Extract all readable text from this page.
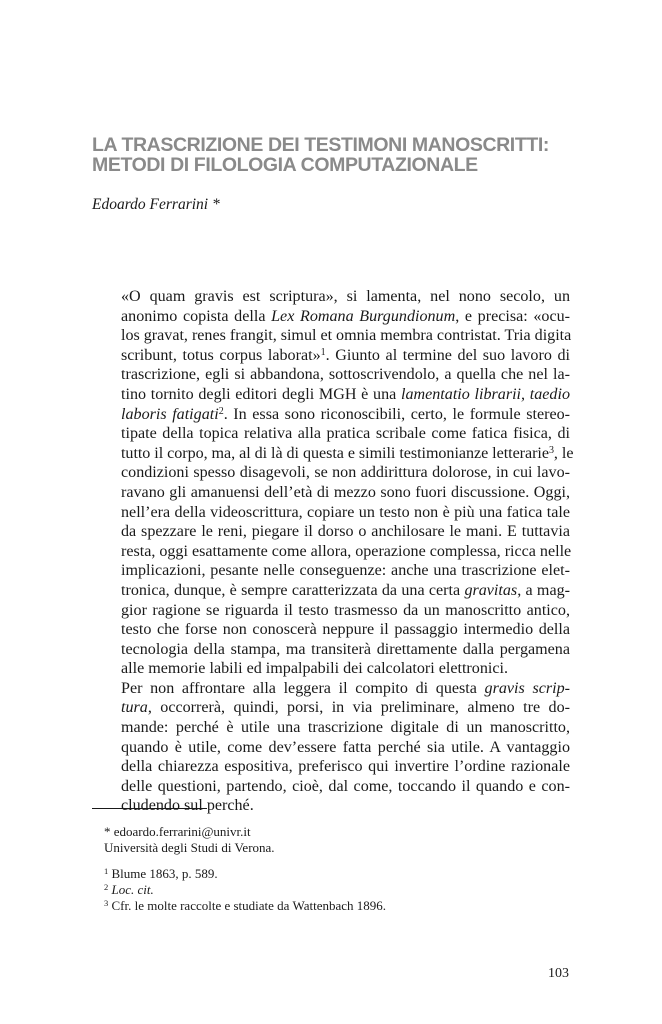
LA TRASCRIZIONE DEI TESTIMONI MANOSCRITTI:
METODI DI FILOLOGIA COMPUTAZIONALE

Edoardo Ferrarini *

«O quam gravis est scriptura», si lamenta, nel nono secolo, un
anonimo copista della Lex Romana Burgundionum, e precisa: «ocu-
los gravat, renes frangit, simul et omnia membra contristat. Tria digita
scribunt, totus corpus laborat»$^1$. Giunto al termine del suo lavoro di
trascrizione, egli si abbandona, sottoscrivendolo, a quella che nel la-
tino tornito degli editori degli MGH è una lamentatio librarii, taedio
laboris fatigati$^2$. In essa sono riconoscibili, certo, le formule stereo-
tipate della topica relativa alla pratica scribale come fatica fisica, di
tutto il corpo, ma, al di là di questa e simili testimonianze letterarie$^3$, le
condizioni spesso disagevoli, se non addirittura dolorose, in cui lavo-
ravano gli amanuensi dell’età di mezzo sono fuori discussione. Oggi,
nell’era della videoscrittura, copiare un testo non è più una fatica tale
da spezzare le reni, piegare il dorso o anchilosare le mani. E tuttavia
resta, oggi esattamente come allora, operazione complessa, ricca nelle
implicazioni, pesante nelle conseguenze: anche una trascrizione elet-
tronica, dunque, è sempre caratterizzata da una certa gravitas, a mag-
gior ragione se riguarda il testo trasmesso da un manoscritto antico,
testo che forse non conoscerà neppure il passaggio intermedio della
tecnologia della stampa, ma transiterà direttamente dalla pergamena
alle memorie labili ed impalpabili dei calcolatori elettronici.

Per non affrontare alla leggera il compito di questa gravis scrip-
tura, occorrerà, quindi, porsi, in via preliminare, almeno tre do-
mande: perché è utile una trascrizione digitale di un manoscritto,
quando è utile, come dev’essere fatta perché sia utile. A vantaggio
della chiarezza espositiva, preferisco qui invertire l’ordine razionale
delle questioni, partendo, cioè, dal come, toccando il quando e con-
cludendo sul perché.

* edoardo.ferrarini@univr.it
Università degli Studi di Verona.
$^1$ Blume 1863, p. 589.
$^2$ Loc. cit.
$^3$ Cfr. le molte raccolte e studiate da Wattenbach 1896.
103
